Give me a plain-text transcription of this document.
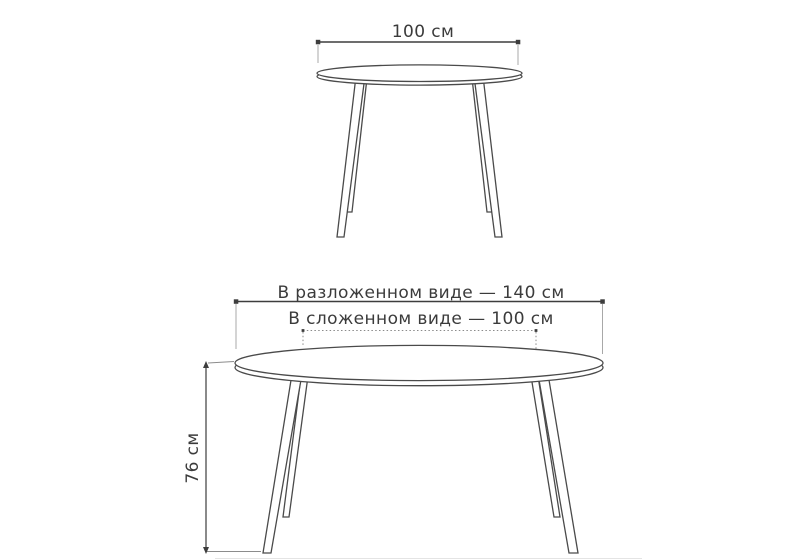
100 см
В разложенном виде — 140 см
В сложенном виде — 100 см
76 см
